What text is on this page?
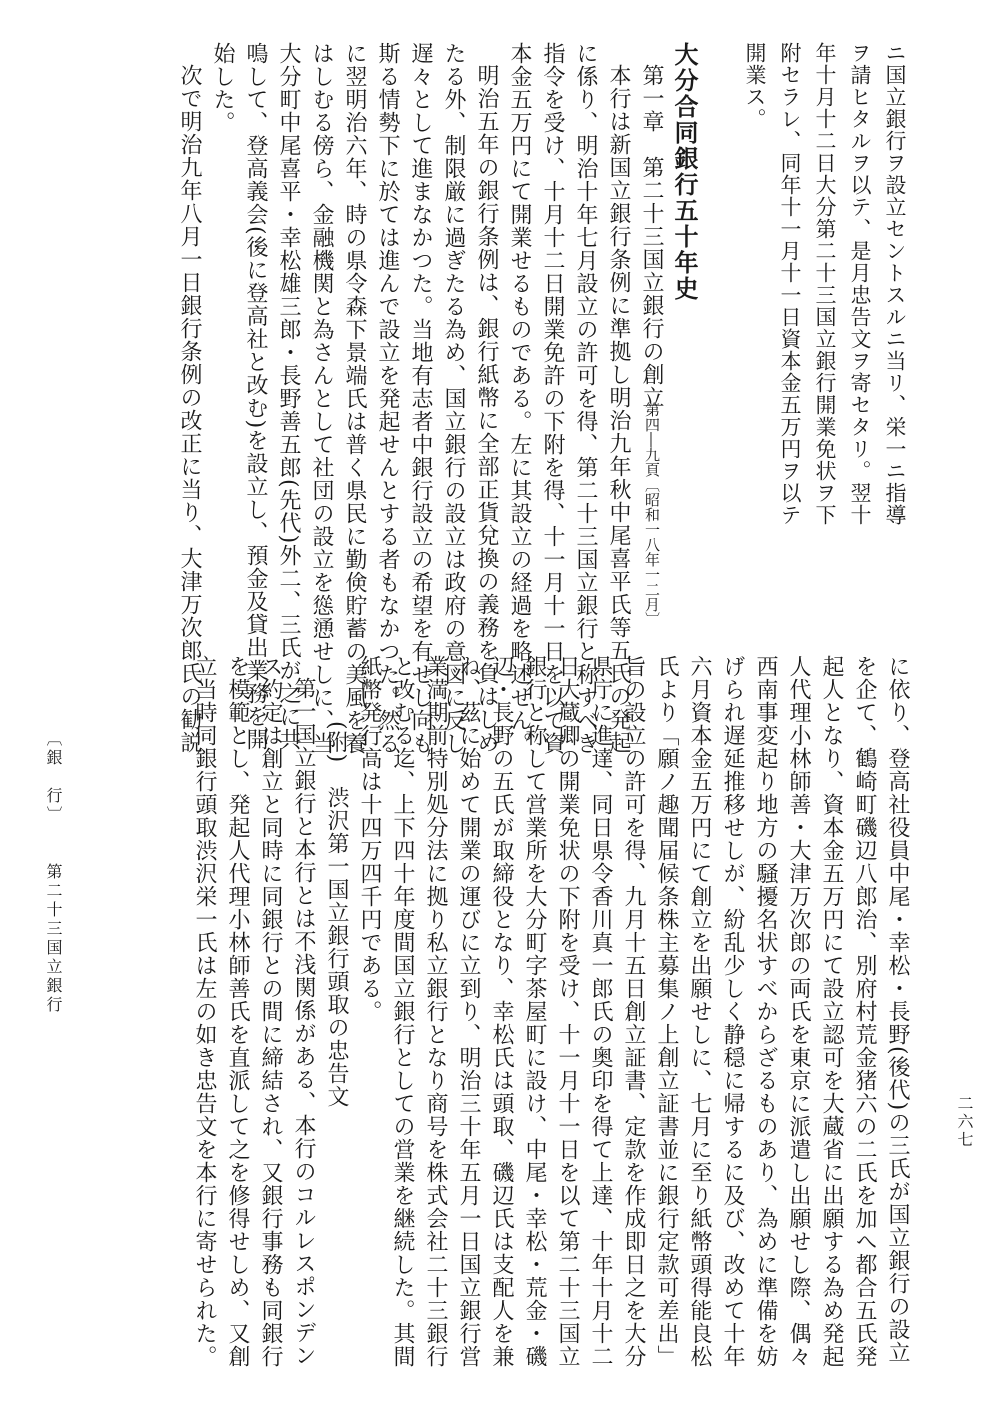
ニ国立銀行ヲ設立セントスルニ当リ、栄一ニ指導
ヲ請ヒタルヲ以テ、是月忠告文ヲ寄セタリ。翌十
年十月十二日大分第二十三国立銀行開業免状ヲ下
附セラレ、同年十一月十一日資本金五万円ヲ以テ
開業ス。
大分合同銀行五十年史
第一章　第二十三国立銀行の創立
第四―九頁〔昭和一八年一二月〕
本行は新国立銀行条例に準拠し明治九年秋中尾喜平氏等五氏の発起
に係り、明治十年七月設立の許可を得、第二十三国立銀行と称すべき
指令を受け、十月十二日開業免許の下附を得、十一月十一日を以て資
本金五万円にて開業せるものである。左に其設立の経過を略述せん。
明治五年の銀行条例は、銀行紙幣に全部正貨兌換の義務を負はしめ
たる外、制限厳に過ぎたる為め、国立銀行の設立は政府の意図に反し
遅々として進まなかつた。当地有志者中銀行設立の希望を有せし向も
斯る情勢下に於ては進んで設立を発起せんとする者もなかつた。然る
に翌明治六年、時の県令森下景端氏は普く県民に勤倹貯蓄の美風を養
はしむる傍ら、金融機関と為さんとして社団の設立を慫慂せしに、当
大分町中尾喜平・幸松雄三郎・長野善五郎(先代)外二、三氏が之に共
鳴して、登高義会(後に登高社と改む)を設立し、預金及貸出業務を開
始した。
次で明治九年八月一日銀行条例の改正に当り、大津万次郎氏の勧説
に依り、登高社役員中尾・幸松・長野(後代)の三氏が国立銀行の設立
を企て、鶴崎町磯辺八郎治、別府村荒金猪六の二氏を加へ都合五氏発
起人となり、資本金五万円にて設立認可を大蔵省に出願する為め発起
人代理小林師善・大津万次郎の両氏を東京に派遣し出願せし際、偶々
西南事変起り地方の騒擾名状すべからざるものあり、為めに準備を妨
げられ遅延推移せしが、紛乱少しく静穏に帰するに及び、改めて十年
六月資本金五万円にて創立を出願せしに、七月に至り紙幣頭得能良松
氏より「願ノ趣聞届候条株主募集ノ上創立証書並に銀行定款可差出」
旨の設立の許可を得、九月十五日創立証書、定款を作成即日之を大分
県庁に進達、同日県令香川真一郎氏の奥印を得て上達、十年十月十二
日大蔵卿の開業免状の下附を受け、十一月十一日を以て第二十三国立
銀行と称して営業所を大分町字茶屋町に設け、中尾・幸松・荒金・磯
辺・長野の五氏が取締役となり、幸松氏は頭取、磯辺氏は支配人を兼
ね、茲に始めて開業の運びに立到り、明治三十年五月一日国立銀行営
業満期前特別処分法に拠り私立銀行となり商号を株式会社二十三銀行
と改むる迄、上下四十年度間国立銀行としての営業を継続した。其間
紙幣発行高は十四万四千円である。
(附)　渋沢第一国立銀行頭取の忠告文
第一国立銀行と本行とは不浅関係がある、本行のコルレスポンデン
ス約定は創立と同時に同銀行との間に締結され、又銀行事務も同銀行
を模範とし、発起人代理小林師善氏を直派して之を修得せしめ、又創
立当時同銀行頭取渋沢栄一氏は左の如き忠告文を本行に寄せられた。
〔銀　行〕第二十三国立銀行
二六七
